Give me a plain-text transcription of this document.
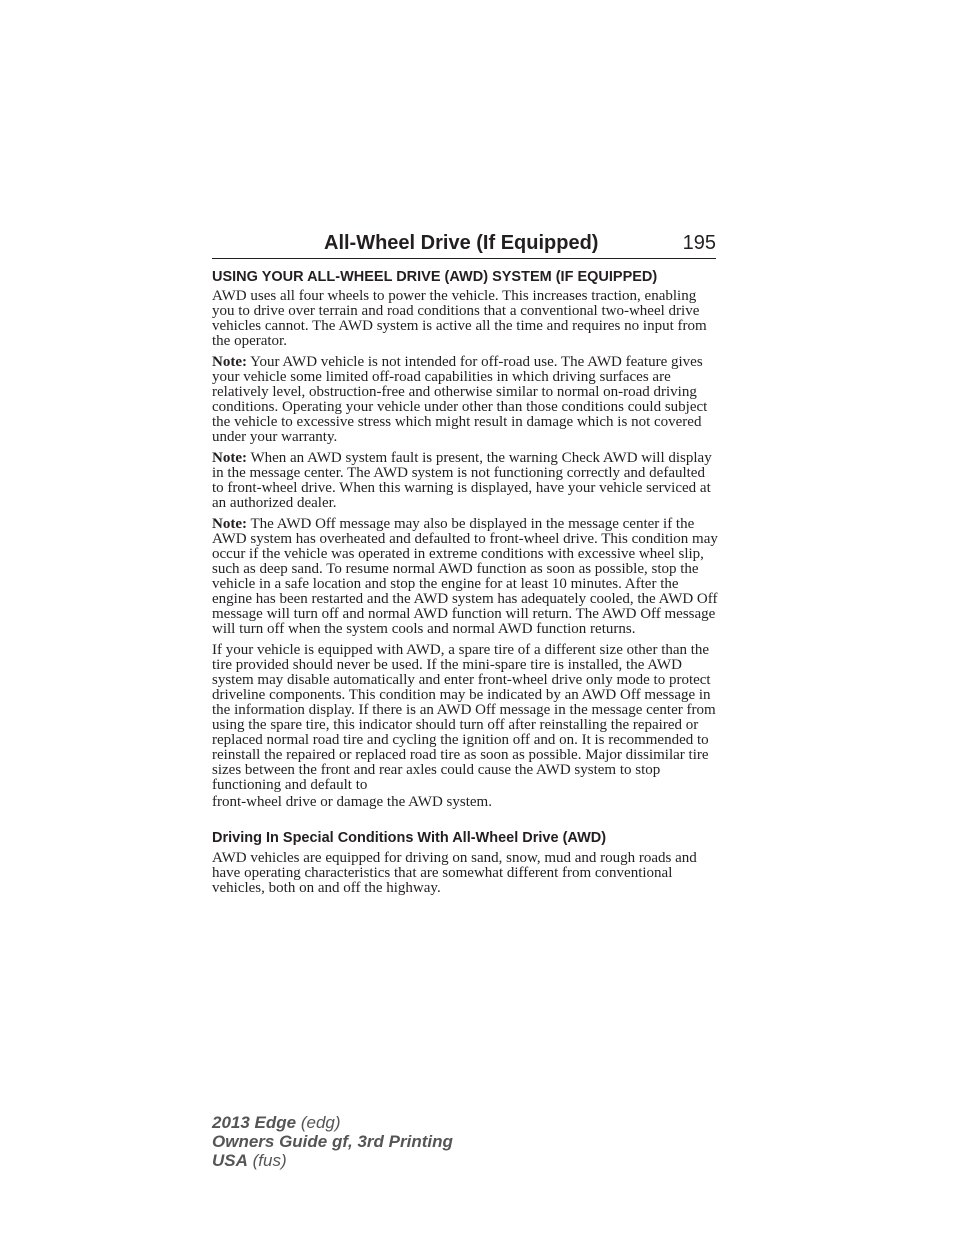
All-Wheel Drive (If Equipped)	195
USING YOUR ALL-WHEEL DRIVE (AWD) SYSTEM (IF EQUIPPED)

AWD uses all four wheels to power the vehicle. This increases traction, enabling you to drive over terrain and road conditions that a conventional two-wheel drive vehicles cannot. The AWD system is active all the time and requires no input from the operator.

Note: Your AWD vehicle is not intended for off-road use. The AWD feature gives your vehicle some limited off-road capabilities in which driving surfaces are relatively level, obstruction-free and otherwise similar to normal on-road driving conditions. Operating your vehicle under other than those conditions could subject the vehicle to excessive stress which might result in damage which is not covered under your warranty.

Note: When an AWD system fault is present, the warning Check AWD will display in the message center. The AWD system is not functioning correctly and defaulted to front-wheel drive. When this warning is displayed, have your vehicle serviced at an authorized dealer.

Note: The AWD Off message may also be displayed in the message center if the AWD system has overheated and defaulted to front-wheel drive. This condition may occur if the vehicle was operated in extreme conditions with excessive wheel slip, such as deep sand. To resume normal AWD function as soon as possible, stop the vehicle in a safe location and stop the engine for at least 10 minutes. After the engine has been restarted and the AWD system has adequately cooled, the AWD Off message will turn off and normal AWD function will return. The AWD Off message will turn off when the system cools and normal AWD function returns.

If your vehicle is equipped with AWD, a spare tire of a different size other than the tire provided should never be used. If the mini-spare tire is installed, the AWD system may disable automatically and enter front-wheel drive only mode to protect driveline components. This condition may be indicated by an AWD Off message in the information display. If there is an AWD Off message in the message center from using the spare tire, this indicator should turn off after reinstalling the repaired or replaced normal road tire and cycling the ignition off and on. It is recommended to reinstall the repaired or replaced road tire as soon as possible. Major dissimilar tire sizes between the front and rear axles could cause the AWD system to stop functioning and default to
front-wheel drive or damage the AWD system.

Driving In Special Conditions With All-Wheel Drive (AWD)

AWD vehicles are equipped for driving on sand, snow, mud and rough roads and have operating characteristics that are somewhat different from conventional vehicles, both on and off the highway.

2013 Edge (edg)
Owners Guide gf, 3rd Printing
USA (fus)
